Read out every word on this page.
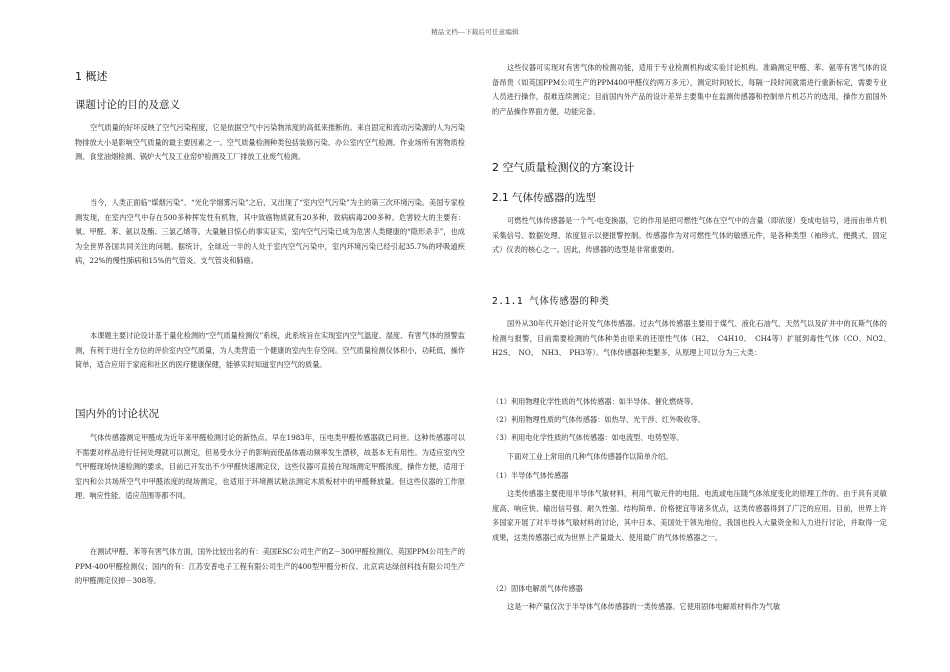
精品文档---下载后可任意编辑
1 概述
课题讨论的目的及意义

空气质量的好坏反映了空气污染程度，它是依据空气中污染物浓度的高低来推断的。来自固定和流动污染源的人为污染物排放大小是影响空气质量的最主要因素之一。空气质量检测种类包括装修污染、办公室内空气检测、作业场所有害物质检测、食堂油烟检测、锅炉大气及工业窑炉检测及工厂排放工业废气检测。

当今，人类正面临“煤烟污染”、“光化学烟雾污染”之后，又出现了“室内空气污染”为主的第三次环境污染。美国专家检测发现，在室内空气中存在500多种挥发性有机物，其中致癌物质就有20多种，致病病毒200多种。危害较大的主要有：氡、甲醛、苯、氨以及酯、三氯乙烯等。大量触目惊心的事实证实，室内空气污染已成为危害人类健康的“隐形杀手”，也成为全世界各国共同关注的问题。据统计，全球近一半的人处于室内空气污染中，室内环境污染已经引起35.7%的呼吸道疾病，22%的慢性肺病和15%的气管炎、支气管炎和肺癌。

本课题主要讨论设计基于量化检测的“空气质量检测仪”系统，此系统旨在实现室内空气温度、湿度、有害气体的预警监测，有利于进行全方位的评价室内空气质量，为人类营造一个健康的室内生存空间。空气质量检测仪体积小，功耗低，操作简单，适合应用于家庭和社区的医疗健康保健，能够实时知道室内空气的质量。

国内外的讨论状况

气体传感器测定甲醛成为近年来甲醛检测讨论的新热点。早在1983年，压电类甲醛传感器就已问世。这种传感器可以不需要对样品进行任何处理就可以测定，但易受水分子的影响而使晶体震动频率发生漂移，故基本无有用性。为适应室内空气甲醛现场快速检测的要求，目前已开发出不少甲醛快速测定仪，这些仪器可直接在现场测定甲醛浓度，操作方便，适用于室内和公共场所空气中甲醛浓度的现场测定，也适用于环境测试舱法测定木质板材中的甲醛释放量。但这些仪器的工作原理、响应性能、适应范围等都不同。

在测试甲醛、苯等有害气体方面，国外比较出名的有：美国ESC公司生产的Z－300甲醛检测仪、英国PPM公司生产的PPM-400甲醛检测仪；国内的有：江苏安普电子工程有限公司生产的400型甲醛分析仪、北京宾达绿创科技有限公司生产的甲醛测定仪掉－308等。

这些仪器可实现对有害气体的检测功能，适用于专业检测机构或实验讨论机构。准确测定甲醛、苯、氨等有害气体的设备昂贵（如英国PPM公司生产的PPM400甲醛仪约两万多元），测定时间较长，每隔一段时间就需进行重新标定，需要专业人员进行操作，很难连续测定；目前国内外产品的设计差异主要集中在监测传感器和控制单片机芯片的选用，操作方面国外的产品操作界面方便，功能完备。

2 空气质量检测仪的方案设计
2.1 气体传感器的选型

可燃性气体传感器是一个气-电变换器，它的作用是把可燃性气体在空气中的含量（即浓度）变成电信号，进而由单片机采集信号、数据处理、浓度显示以便报警控制。传感器作为对可燃性气体的敏感元件，是各种类型（袖珍式、便携式、固定式）仪表的核心之一。因此，传感器的选型是非常重要的。

2.1.1 气体传感器的种类

国外从30年代开始讨论开发气体传感器。过去气体传感器主要用于煤气、液化石油气、天然气以及矿井中的瓦斯气体的检测与报警，目前需要检测的气体种类由原来的还原性气体（H2、　C4H10、　CH4等）扩展到毒性气体（CO、NO2、　H2S、　NO、　NH3、　PH3等）。气体传感器种类繁多，从原理上可以分为三大类：

（1）利用物理化学性质的气体传感器：如半导体、催化燃烧等。
（2）利用物理性质的气体传感器：如热导、光干涉、红外吸收等。
（3）利用电化学性质的气体传感器：如电流型、电势型等。
下面对工业上常用的几种气体传感器作以简单介绍。
（1）半导体气体传感器

这类传感器主要使用半导体气敏材料，利用气敏元件的电阻、电流或电压随气体浓度变化的原理工作的。由于具有灵敏度高、响应快、输出信号强、耐久性强、结构简单、价格便宜等诸多优点，这类传感器得到了广泛的应用。目前，世界上许多国家开展了对半导体气敏材料的讨论，其中日本、美国处于领先地位，我国也投入大量资金和人力进行讨论，并取得一定成果，这类传感器已成为世界上产量最大、使用最广的气体传感器之一。

（2）固体电解质气体传感器

这是一种产量仅次于半导体气体传感器的一类传感器。它使用固体电解质材料作为气敏
